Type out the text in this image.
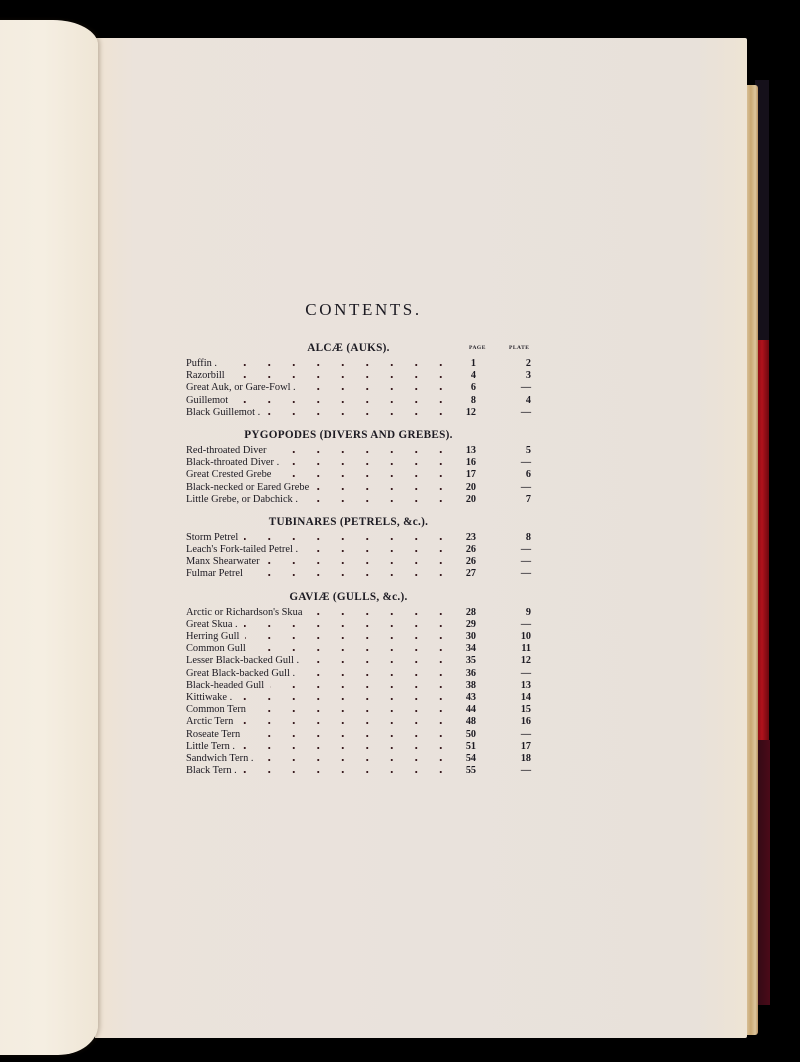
CONTENTS.
ALCÆ (AUKS).	PAGE	PLATE
Puffin .	1	2
Razorbill	4	3
Great Auk, or Gare-Fowl .	6	—
Guillemot	8	4
Black Guillemot .	12	—
PYGOPODES (DIVERS AND GREBES).
Red-throated Diver	13	5
Black-throated Diver .	16	—
Great Crested Grebe	17	6
Black-necked or Eared Grebe	20	—
Little Grebe, or Dabchick .	20	7
TUBINARES (PETRELS, &c.).
Storm Petrel	23	8
Leach's Fork-tailed Petrel .	26	—
Manx Shearwater	26	—
Fulmar Petrel	27	—
GAVIÆ (GULLS, &c.).
Arctic or Richardson's Skua	28	9
Great Skua .	29	—
Herring Gull	30	10
Common Gull	34	11
Lesser Black-backed Gull .	35	12
Great Black-backed Gull .	36	—
Black-headed Gull	38	13
Kittiwake .	43	14
Common Tern	44	15
Arctic Tern	48	16
Roseate Tern	50	—
Little Tern .	51	17
Sandwich Tern .	54	18
Black Tern .	55	—
